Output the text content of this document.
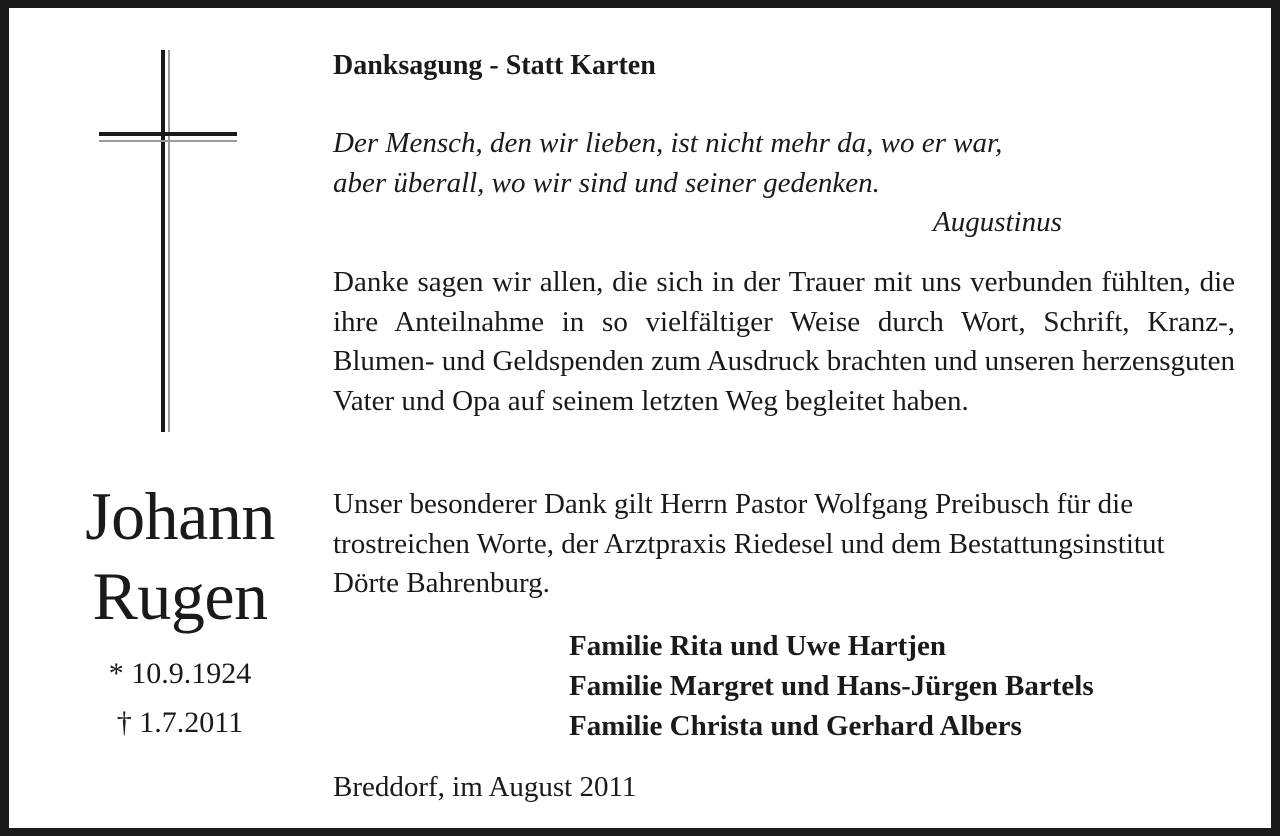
Johann
Rugen
* 10.9.1924
† 1.7.2011
Danksagung - Statt Karten
Der Mensch, den wir lieben, ist nicht mehr da, wo er war,
aber überall, wo wir sind und seiner gedenken.
Augustinus
Danke sagen wir allen, die sich in der Trauer mit uns verbunden fühlten, die ihre Anteilnahme in so vielfältiger Weise durch Wort, Schrift, Kranz-, Blumen- und Geldspenden zum Ausdruck brachten und unseren herzensguten Vater und Opa auf seinem letzten Weg begleitet haben.
Unser besonderer Dank gilt Herrn Pastor Wolfgang Preibusch für die trostreichen Worte, der Arztpraxis Riedesel und dem Bestattungsinstitut Dörte Bahrenburg.
Familie Rita und Uwe Hartjen
Familie Margret und Hans-Jürgen Bartels
Familie Christa und Gerhard Albers
Breddorf, im August 2011
